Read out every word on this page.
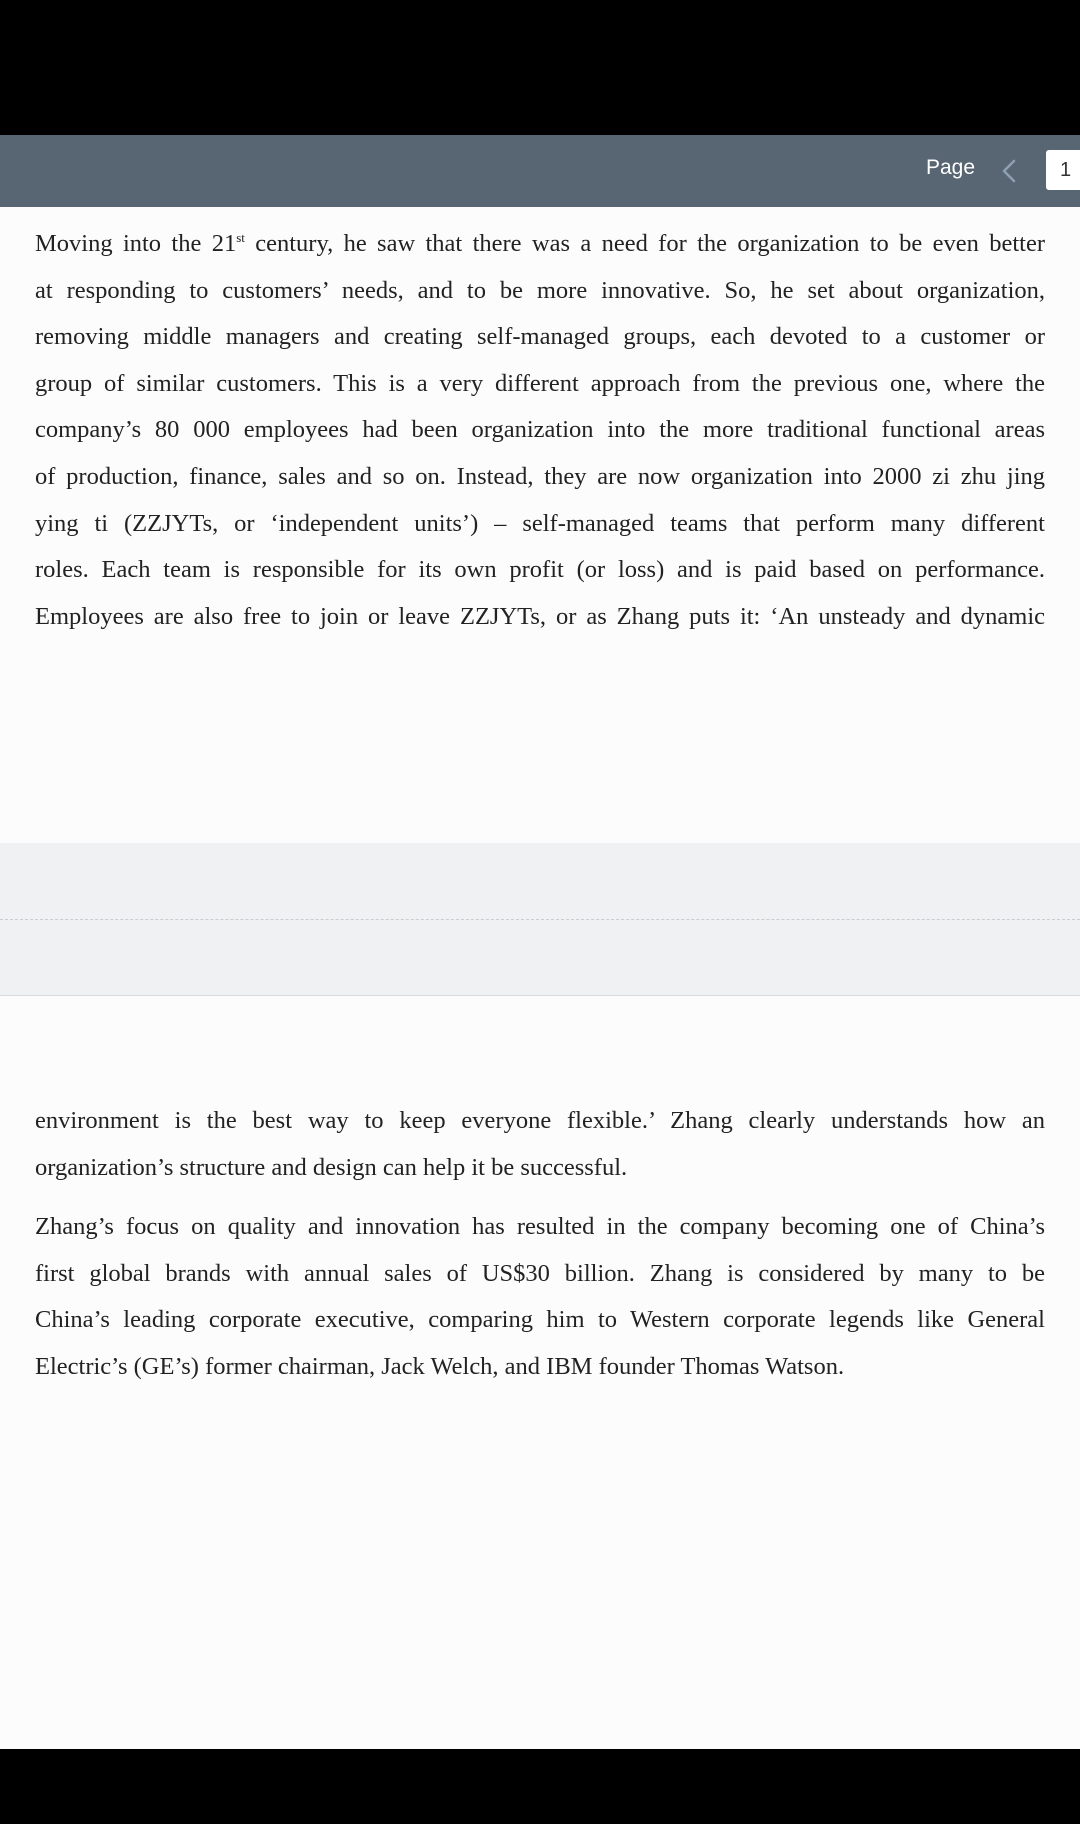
Page
1
Moving into the 21st century, he saw that there was a need for the organization to be even better
at responding to customers’ needs, and to be more innovative. So, he set about organization,
removing middle managers and creating self-managed groups, each devoted to a customer or
group of similar customers. This is a very different approach from the previous one, where the
company’s 80 000 employees had been organization into the more traditional functional areas
of production, finance, sales and so on. Instead, they are now organization into 2000 zi zhu jing
ying ti (ZZJYTs, or ‘independent units’) – self-managed teams that perform many different
roles. Each team is responsible for its own profit (or loss) and is paid based on performance.
Employees are also free to join or leave ZZJYTs, or as Zhang puts it: ‘An unsteady and dynamic
environment is the best way to keep everyone flexible.’ Zhang clearly understands how an
organization’s structure and design can help it be successful.
Zhang’s focus on quality and innovation has resulted in the company becoming one of China’s
first global brands with annual sales of US$30 billion. Zhang is considered by many to be
China’s leading corporate executive, comparing him to Western corporate legends like General
Electric’s (GE’s) former chairman, Jack Welch, and IBM founder Thomas Watson.
